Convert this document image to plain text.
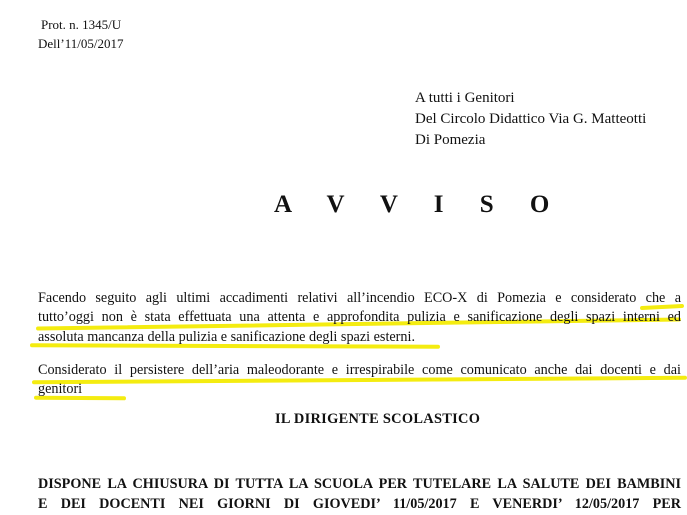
Prot. n. 1345/U
Dell’11/05/2017
A tutti i Genitori
Del Circolo Didattico Via G. Matteotti
Di Pomezia
A V V I S O
Facendo seguito agli ultimi accadimenti relativi all’incendio ECO-X di Pomezia e considerato che a
tutto’oggi non è stata effettuata una attenta e approfondita pulizia e sanificazione degli spazi interni ed
assoluta mancanza della pulizia e sanificazione degli spazi esterni.
Considerato il persistere dell’aria maleodorante e irrespirabile come comunicato anche dai docenti e dai
genitori
IL DIRIGENTE SCOLASTICO
DISPONE LA CHIUSURA DI TUTTA LA SCUOLA PER TUTELARE LA SALUTE DEI BAMBINI
E DEI DOCENTI NEI GIORNI DI GIOVEDI’ 11/05/2017 E VENERDI’ 12/05/2017 PER
